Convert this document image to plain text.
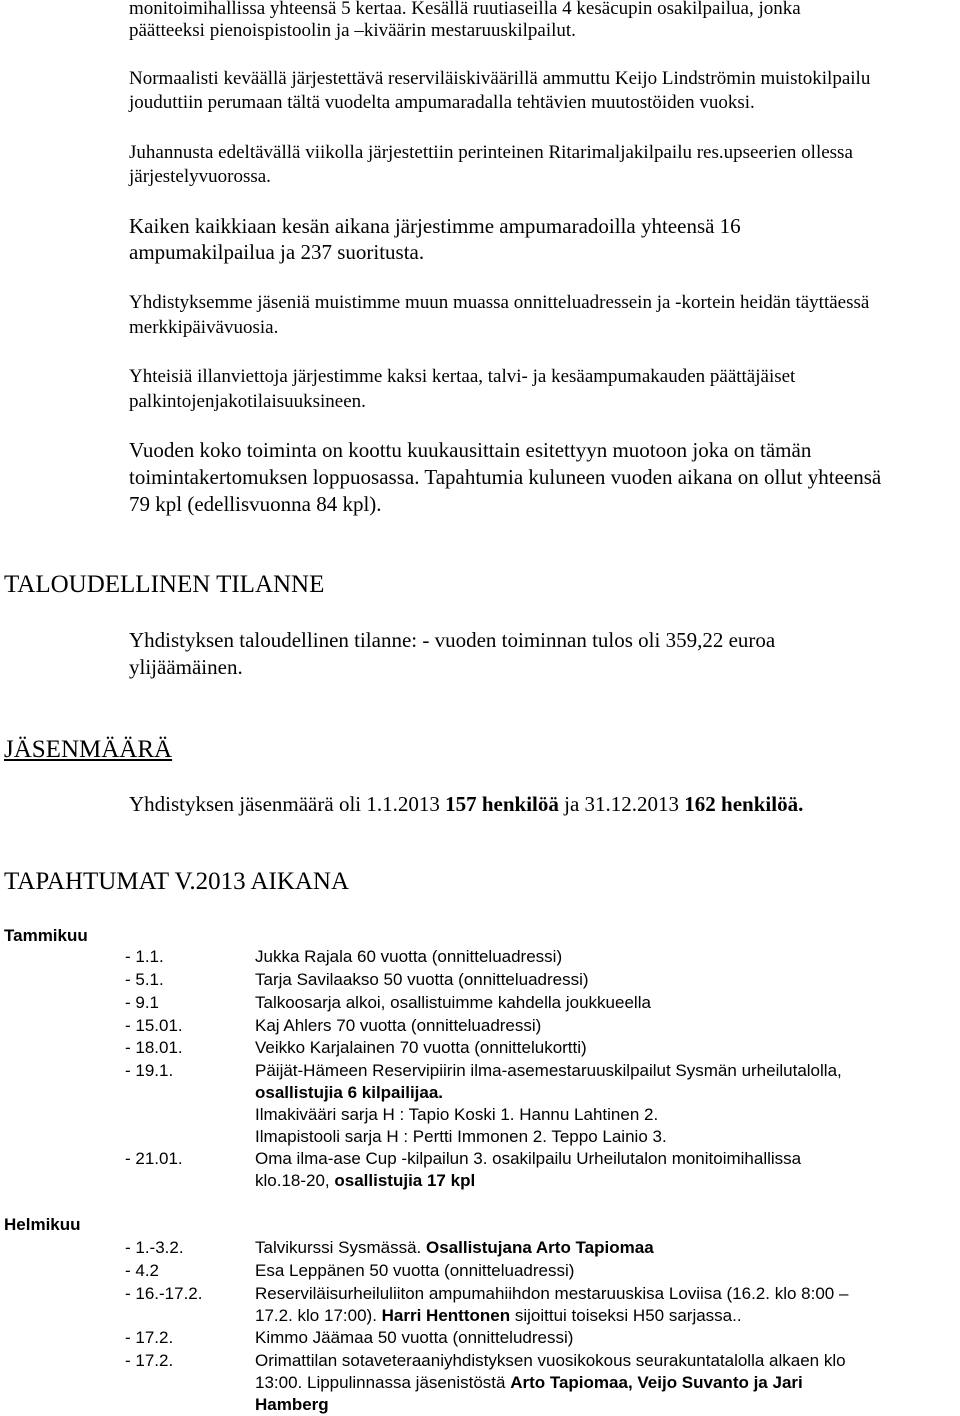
monitoimihallissa yhteensä 5 kertaa. Kesällä ruutiaseilla 4 kesäcupin osakilpailua, jonka
päätteeksi pienoispistoolin ja –kiväärin mestaruuskilpailut.
Normaalisti keväällä järjestettävä reserviläiskiväärillä ammuttu Keijo Lindströmin muistokilpailu
jouduttiin perumaan tältä vuodelta ampumaradalla tehtävien muutostöiden vuoksi.
Juhannusta edeltävällä viikolla järjestettiin perinteinen Ritarimaljakilpailu res.upseerien ollessa
järjestelyvuorossa.
Kaiken kaikkiaan kesän aikana järjestimme ampumaradoilla yhteensä 16
ampumakilpailua ja 237 suoritusta.
Yhdistyksemme jäseniä muistimme muun muassa onnitteluadressein ja -kortein heidän täyttäessä
merkkipäivävuosia.
Yhteisiä illanviettoja järjestimme kaksi kertaa, talvi- ja kesäampumakauden päättäjäiset
palkintojenjakotilaisuuksineen.
Vuoden koko toiminta on koottu kuukausittain esitettyyn muotoon joka on tämän
toimintakertomuksen loppuosassa. Tapahtumia kuluneen vuoden aikana on ollut yhteensä
79 kpl (edellisvuonna 84 kpl).
TALOUDELLINEN TILANNE
Yhdistyksen taloudellinen tilanne: - vuoden toiminnan tulos oli 359,22 euroa
ylijäämäinen.
JÄSENMÄÄRÄ
Yhdistyksen jäsenmäärä oli 1.1.2013 157 henkilöä ja 31.12.2013 162 henkilöä.
TAPAHTUMAT V.2013 AIKANA
Tammikuu
- 1.1.	Jukka Rajala 60 vuotta (onnitteluadressi)
- 5.1.	Tarja Savilaakso 50 vuotta (onnitteluadressi)
- 9.1	Talkoosarja alkoi, osallistuimme kahdella joukkueella
- 15.01.	Kaj Ahlers 70 vuotta (onnitteluadressi)
- 18.01.	Veikko Karjalainen 70 vuotta (onnittelukortti)
- 19.1.	Päijät-Hämeen Reservipiirin ilma-asemestaruuskilpailut Sysmän urheilutalolla,
osallistujia 6 kilpailijaa.
Ilmakivääri sarja H : Tapio Koski 1. Hannu Lahtinen 2.
Ilmapistooli sarja H : Pertti Immonen 2. Teppo Lainio 3.
- 21.01.	Oma ilma-ase Cup -kilpailun 3. osakilpailu Urheilutalon monitoimihallissa
klo.18-20, osallistujia 17 kpl
Helmikuu
- 1.-3.2.	Talvikurssi Sysmässä. Osallistujana Arto Tapiomaa
- 4.2	Esa Leppänen 50 vuotta (onnitteluadressi)
- 16.-17.2.	Reserviläisurheiluliiton ampumahiihdon mestaruuskisa Loviisa (16.2. klo 8:00 –
17.2. klo 17:00). Harri Henttonen sijoittui toiseksi H50 sarjassa..
- 17.2.	Kimmo Jäämaa 50 vuotta (onnitteludressi)
- 17.2.	Orimattilan sotaveteraaniyhdistyksen vuosikokous seurakuntatalolla alkaen klo
13:00. Lippulinnassa jäsenistöstä Arto Tapiomaa, Veijo Suvanto ja Jari
Hamberg
